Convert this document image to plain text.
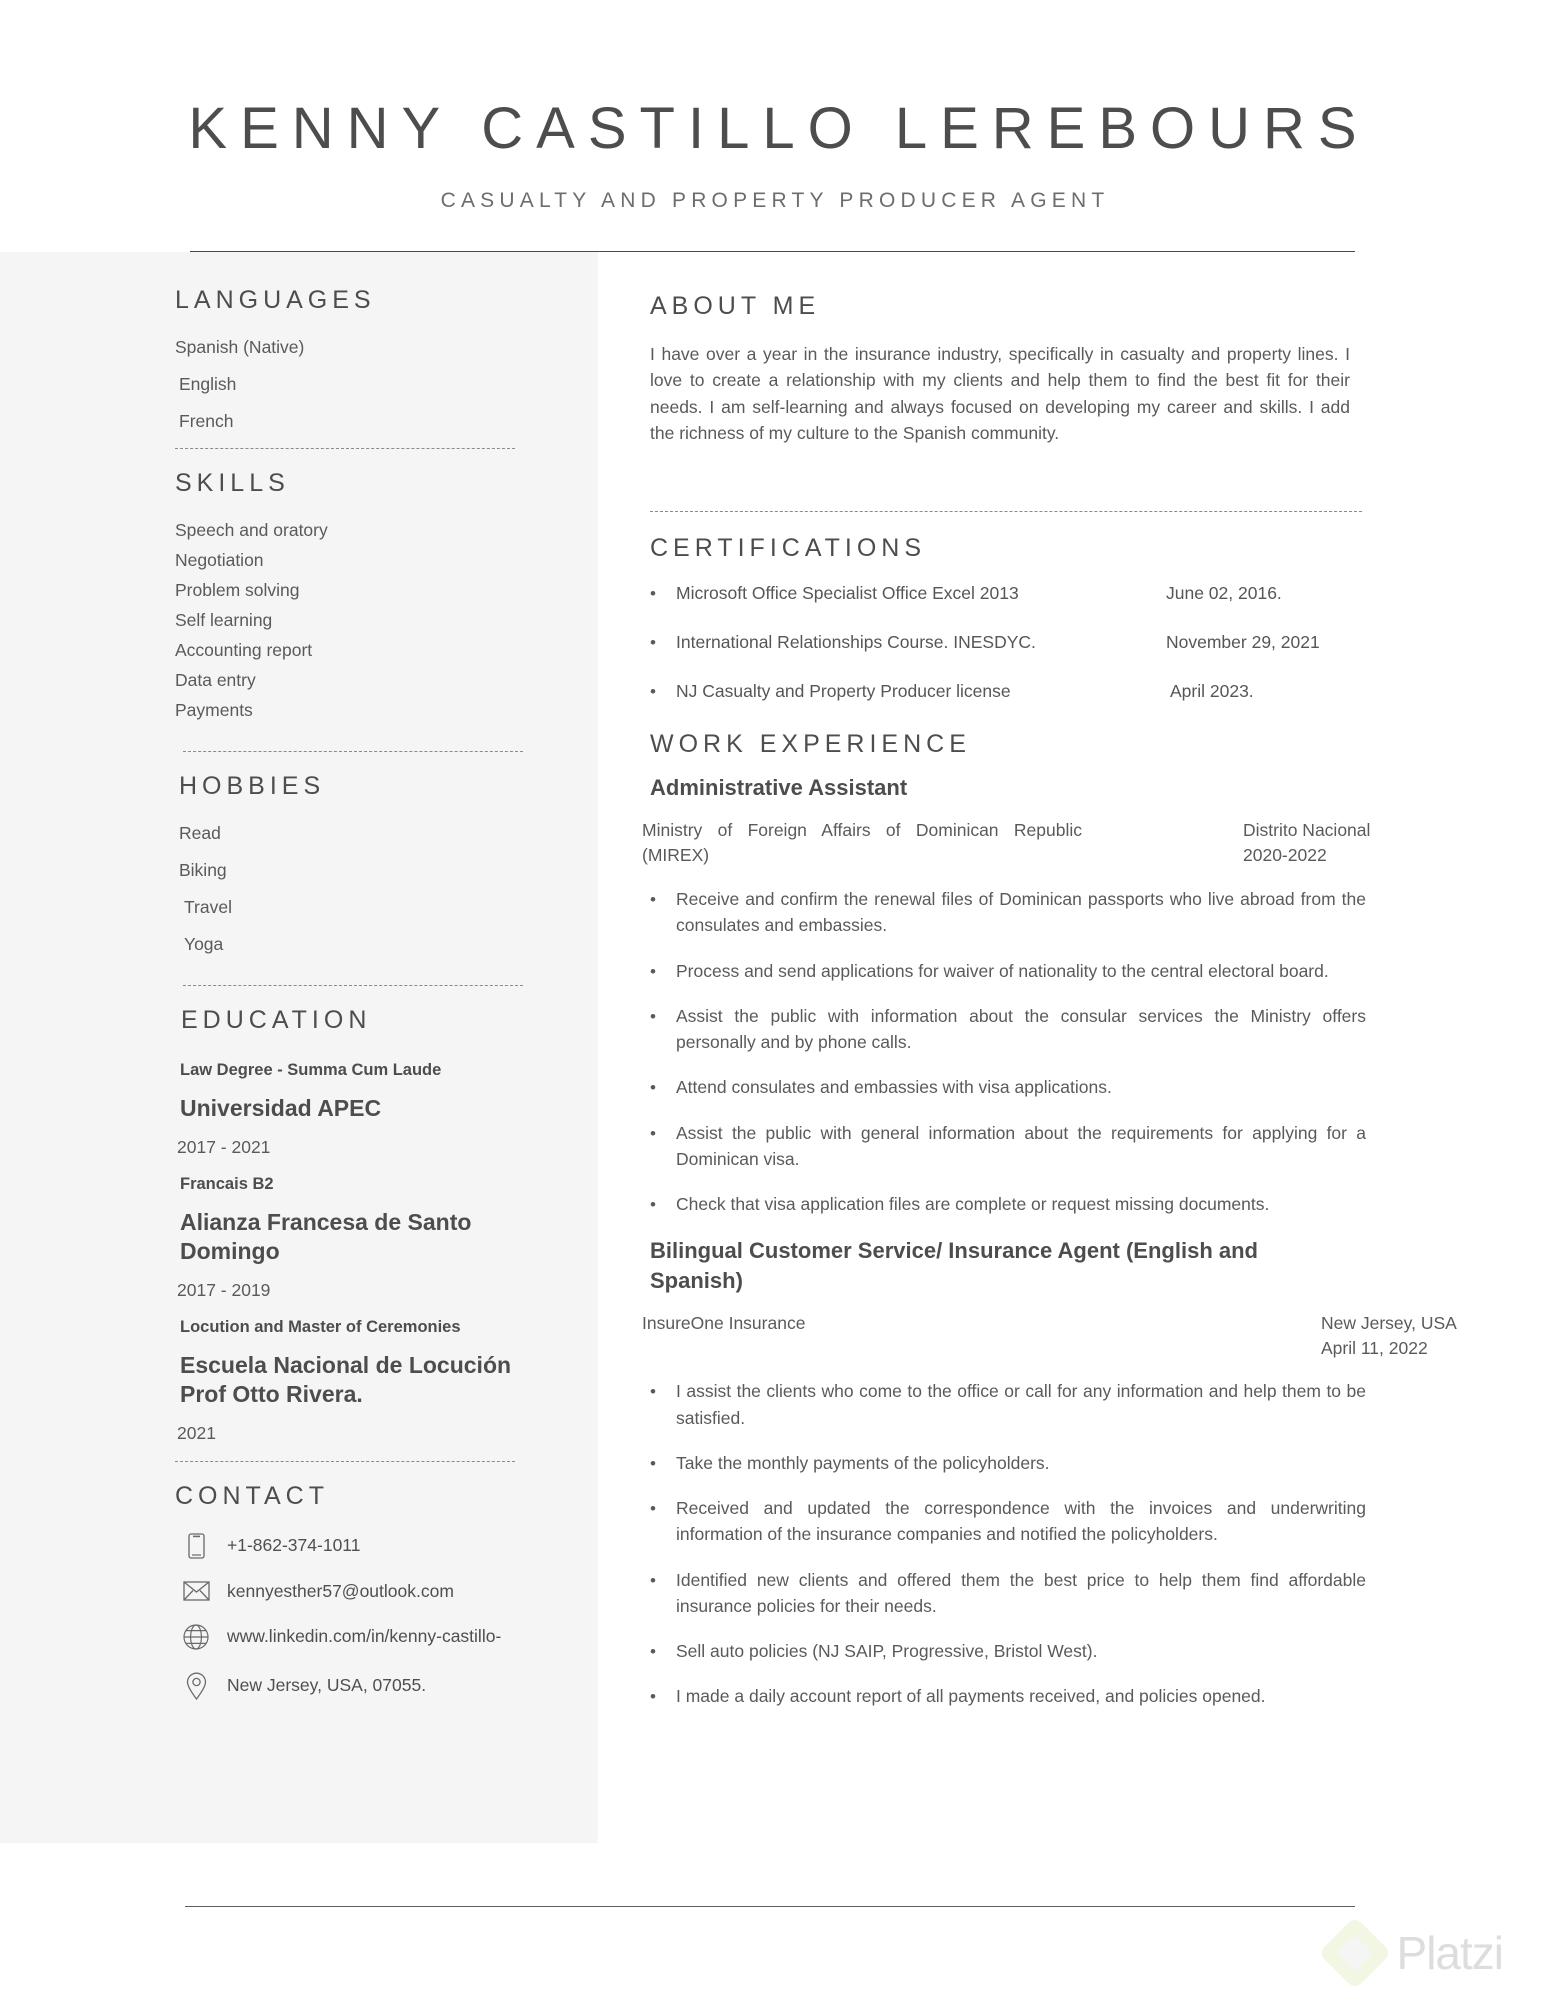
KENNY CASTILLO LEREBOURS
CASUALTY AND PROPERTY PRODUCER AGENT
LANGUAGES
Spanish (Native)
English
French
SKILLS
Speech and oratory
Negotiation
Problem solving
Self learning
Accounting report
Data entry
Payments
HOBBIES
Read
Biking
Travel
Yoga
EDUCATION
Law Degree - Summa Cum Laude
Universidad APEC
2017 - 2021
Francais B2
Alianza Francesa de Santo Domingo
2017 - 2019
Locution and Master of Ceremonies
Escuela Nacional de Locución Prof Otto Rivera.
2021
CONTACT
+1-862-374-1011
kennyesther57@outlook.com
www.linkedin.com/in/kenny-castillo-
New Jersey, USA, 07055.
ABOUT ME
I have over a year in the insurance industry, specifically in casualty and property lines. I love to create a relationship with my clients and help them to find the best fit for their needs. I am self-learning and always focused on developing my career and skills. I add the richness of my culture to the Spanish community.
CERTIFICATIONS
•	Microsoft Office Specialist Office Excel 2013	June 02, 2016.
•	International Relationships Course. INESDYC.	November 29, 2021
•	NJ Casualty and Property Producer license	April 2023.
WORK EXPERIENCE
Administrative Assistant
Ministry of Foreign Affairs of Dominican Republic (MIREX)
Distrito Nacional
2020-2022
•	Receive and confirm the renewal files of Dominican passports who live abroad from the consulates and embassies.
•	Process and send applications for waiver of nationality to the central electoral board.
•	Assist the public with information about the consular services the Ministry offers personally and by phone calls.
•	Attend consulates and embassies with visa applications.
•	Assist the public with general information about the requirements for applying for a Dominican visa.
•	Check that visa application files are complete or request missing documents.
Bilingual Customer Service/ Insurance Agent (English and Spanish)
InsureOne Insurance	New Jersey, USA April 11, 2022
•	I assist the clients who come to the office or call for any information and help them to be satisfied.
•	Take the monthly payments of the policyholders.
•	Received and updated the correspondence with the invoices and underwriting information of the insurance companies and notified the policyholders.
•	Identified new clients and offered them the best price to help them find affordable insurance policies for their needs.
•	Sell auto policies (NJ SAIP, Progressive, Bristol West).
•	I made a daily account report of all payments received, and policies opened.
Platzi
